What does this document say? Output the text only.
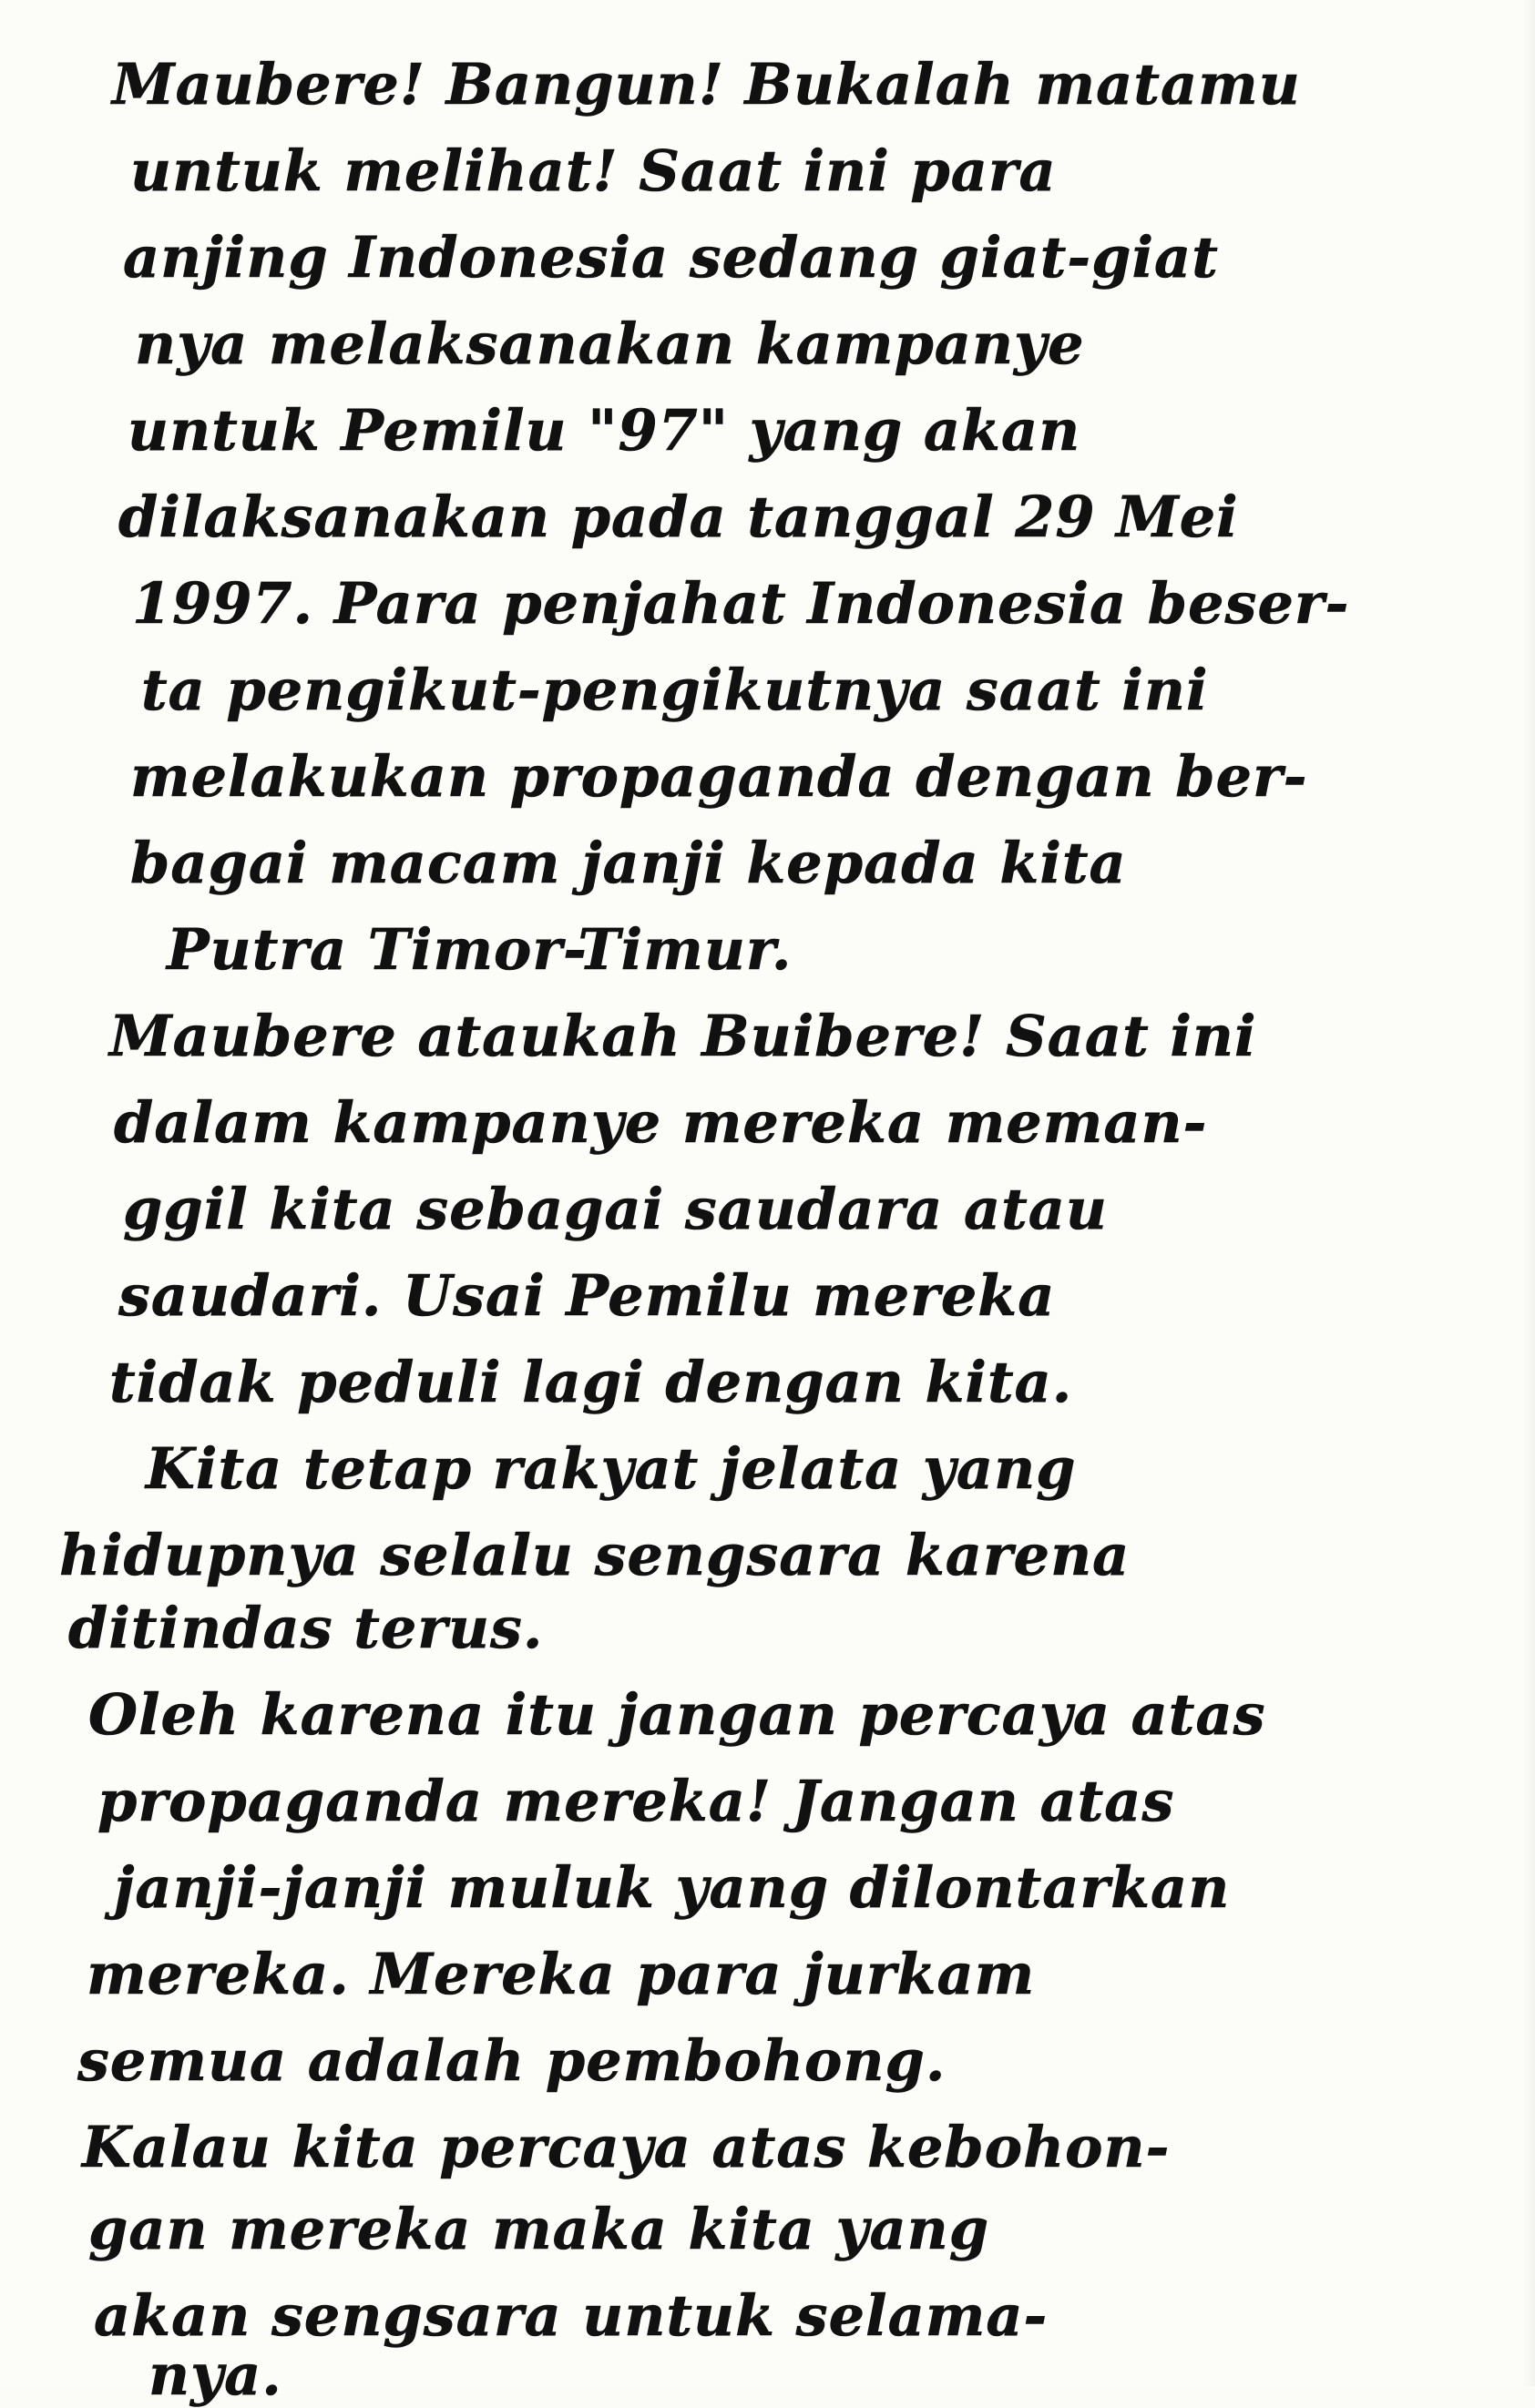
Maubere! Bangun! Bukalah matamu
untuk melihat! Saat ini para
anjing Indonesia sedang giat-giat
nya melaksanakan kampanye
untuk Pemilu "97" yang akan
dilaksanakan pada tanggal 29 Mei
1997. Para penjahat Indonesia beser-
ta pengikut-pengikutnya saat ini
melakukan propaganda dengan ber-
bagai macam janji kepada kita
Putra Timor-Timur.
Maubere ataukah Buibere! Saat ini
dalam kampanye mereka meman-
ggil kita sebagai saudara atau
saudari. Usai Pemilu mereka
tidak peduli lagi dengan kita.
Kita tetap rakyat jelata yang
hidupnya selalu sengsara karena
ditindas terus.
Oleh karena itu jangan percaya atas
propaganda mereka! Jangan atas
janji-janji muluk yang dilontarkan
mereka. Mereka para jurkam
semua adalah pembohong.
Kalau kita percaya atas kebohon-
gan mereka maka kita yang
akan sengsara untuk selama-
nya.
